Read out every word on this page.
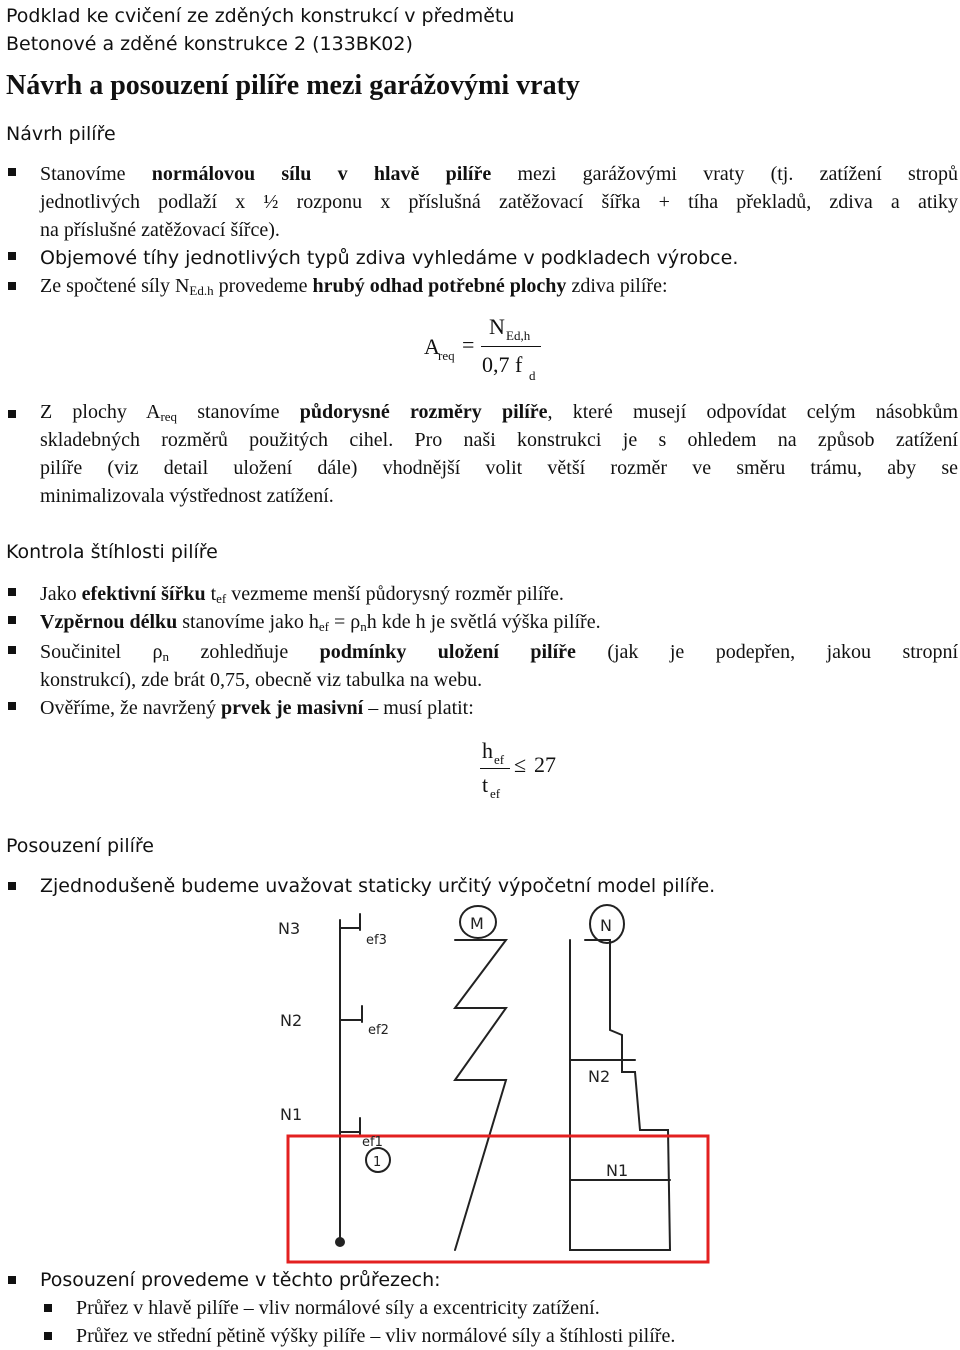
Podklad ke cvičení ze zděných konstrukcí v předmětu
Betonové a zděné konstrukce 2 (133BK02)
Návrh a posouzení pilíře mezi garážovými vraty
Návrh pilíře
Stanovíme normálovou sílu v hlavě pilíře mezi garážovými vraty (tj. zatížení stropů
jednotlivých podlaží x ½ rozponu x příslušná zatěžovací šířka + tíha překladů, zdiva a atiky
na příslušné zatěžovací šířce).
Objemové tíhy jednotlivých typů zdiva vyhledáme v podkladech výrobce.
Ze spočtené síly $N_{Ed.h}$ provedeme hrubý odhad potřebné plochy zdiva pilíře:
A
req =
N Ed,h
0,7 f d
Z plochy $A_{req}$ stanovíme půdorysné rozměry pilíře, které musejí odpovídat celým násobkům
skladebných rozměrů použitých cihel. Pro naši konstrukci je s ohledem na způsob zatížení
pilíře (viz detail uložení dále) vhodnější volit větší rozměr ve směru trámu, aby se
minimalizovala výstřednost zatížení.
Kontrola štíhlosti pilíře
Jako efektivní šířku $t_{ef}$ vezmeme menší půdorysný rozměr pilíře.
Vzpěrnou délku stanovíme jako $h_{ef} = \rho_nh$ kde h je světlá výška pilíře.
Součinitel $\rho_n$ zohledňuje podmínky uložení pilíře (jak je podepřen, jakou stropní
konstrukcí), zde brát 0,75, obecně viz tabulka na webu.
Ověříme, že navržený prvek je masivní – musí platit:
h ef
t ef
≤ 27
Posouzení pilíře
Zjednodušeně budeme uvažovat staticky určitý výpočetní model pilíře.
M	N
N3
ef3
N2
ef2
N1
ef1
1
N2
N1
Posouzení provedeme v těchto průřezech:
Průřez v hlavě pilíře – vliv normálové síly a excentricity zatížení.
Průřez ve střední pětině výšky pilíře – vliv normálové síly a štíhlosti pilíře.
